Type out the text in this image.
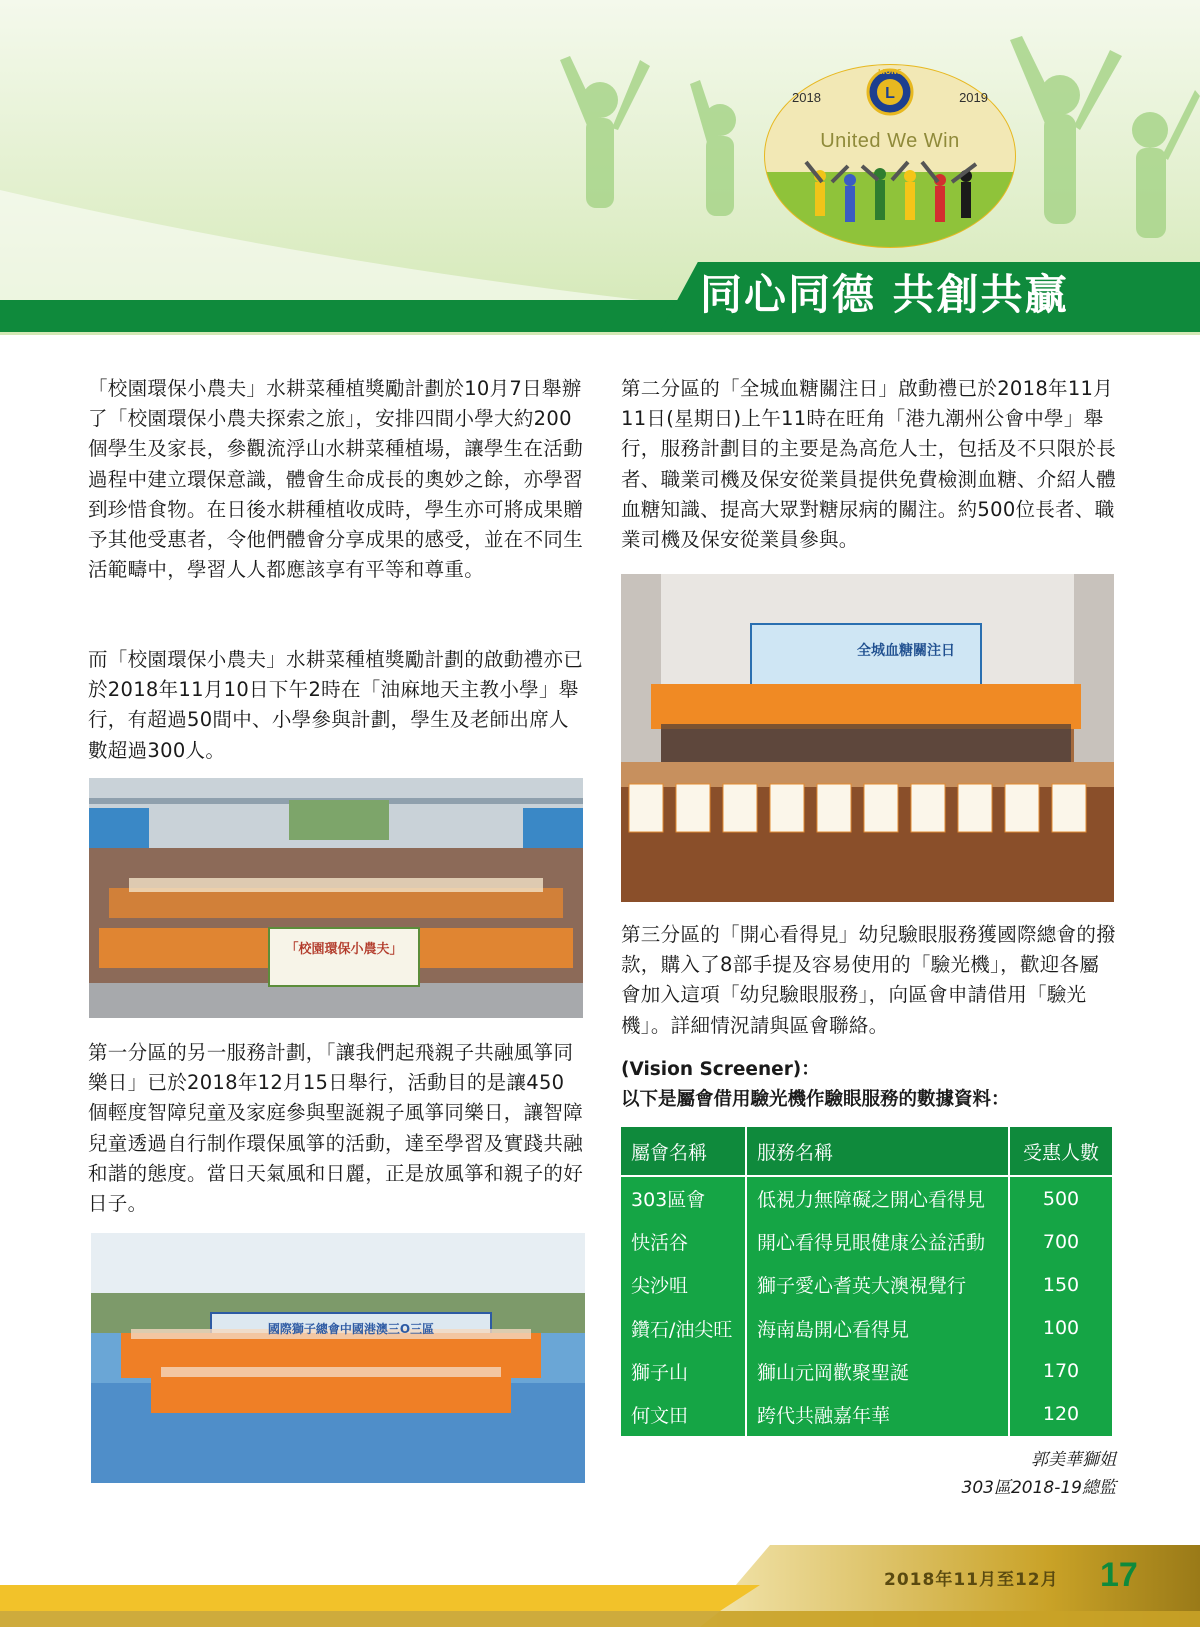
同心同德 共創共贏
L
2018	2019
LIONS
United We Win

「校園環保小農夫」水耕菜種植獎勵計劃於10月7日舉辦了「校園環保小農夫探索之旅」，安排四間小學大約200個學生及家長，參觀流浮山水耕菜種植場，讓學生在活動過程中建立環保意識，體會生命成長的奧妙之餘，亦學習到珍惜食物。在日後水耕種植收成時，學生亦可將成果贈予其他受惠者，令他們體會分享成果的感受，並在不同生活範疇中，學習人人都應該享有平等和尊重。

而「校園環保小農夫」水耕菜種植獎勵計劃的啟動禮亦已於2018年11月10日下午2時在「油麻地天主教小學」舉行，有超過50間中、小學參與計劃，學生及老師出席人數超過300人。

「校園環保小農夫」

第一分區的另一服務計劃，「讓我們起飛親子共融風箏同樂日」已於2018年12月15日舉行，活動目的是讓450個輕度智障兒童及家庭參與聖誕親子風箏同樂日，讓智障兒童透過自行制作環保風箏的活動，達至學習及實踐共融和諧的態度。當日天氣風和日麗，正是放風箏和親子的好日子。

國際獅子總會中國港澳三O三區

第二分區的「全城血糖關注日」啟動禮已於2018年11月11日(星期日)上午11時在旺角「港九潮州公會中學」舉行，服務計劃目的主要是為高危人士，包括及不只限於長者、職業司機及保安從業員提供免費檢測血糖、介紹人體血糖知識、提高大眾對糖尿病的關注。約500位長者、職業司機及保安從業員參與。

全城血糖關注日

第三分區的「開心看得見」幼兒驗眼服務獲國際總會的撥款，購入了8部手提及容易使用的「驗光機」，歡迎各屬會加入這項「幼兒驗眼服務」，向區會申請借用「驗光機」。詳細情況請與區會聯絡。

(Vision Screener)：
以下是屬會借用驗光機作驗眼服務的數據資料：
屬會名稱	服務名稱	受惠人數
303區會	低視力無障礙之開心看得見	500
快活谷	開心看得見眼健康公益活動	700
尖沙咀	獅子愛心耆英大澳視覺行	150
鑽石/油尖旺	海南島開心看得見	100
獅子山	獅山元岡歡聚聖誕	170
何文田	跨代共融嘉年華	120
郭美華獅姐
303區2018-19總監
2018年11月至12月 17
